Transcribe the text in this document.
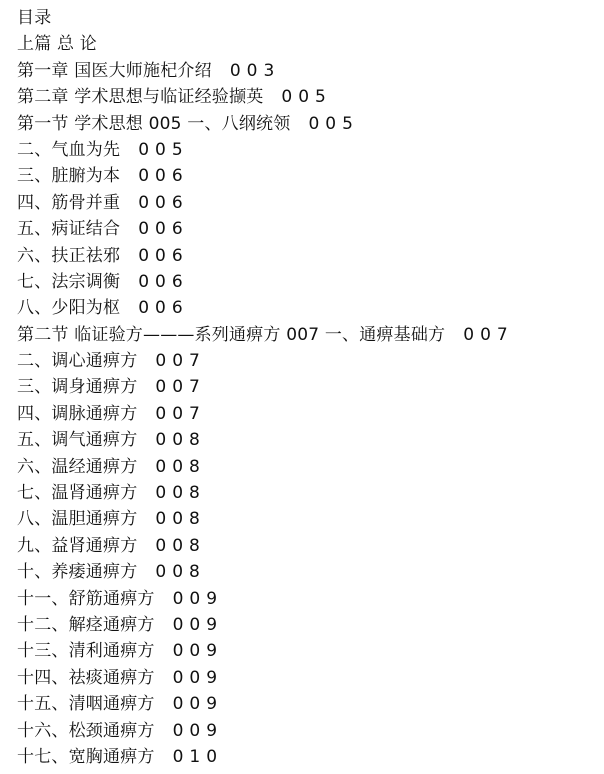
目录
上篇 总 论
第一章 国医大师施杞介绍 003
第二章 学术思想与临证经验撷英 005
第一节 学术思想 005 一、八纲统领 005
二、气血为先 005
三、脏腑为本 006
四、筋骨并重 006
五、病证结合 006
六、扶正祛邪 006
七、法宗调衡 006
八、少阳为枢 006
第二节 临证验方———系列通痹方 007 一、通痹基础方 007
二、调心通痹方 007
三、调身通痹方 007
四、调脉通痹方 007
五、调气通痹方 008
六、温经通痹方 008
七、温肾通痹方 008
八、温胆通痹方 008
九、益肾通痹方 008
十、养痿通痹方 008
十一、舒筋通痹方 009
十二、解痉通痹方 009
十三、清利通痹方 009
十四、祛痰通痹方 009
十五、清咽通痹方 009
十六、松颈通痹方 009
十七、宽胸通痹方 010
